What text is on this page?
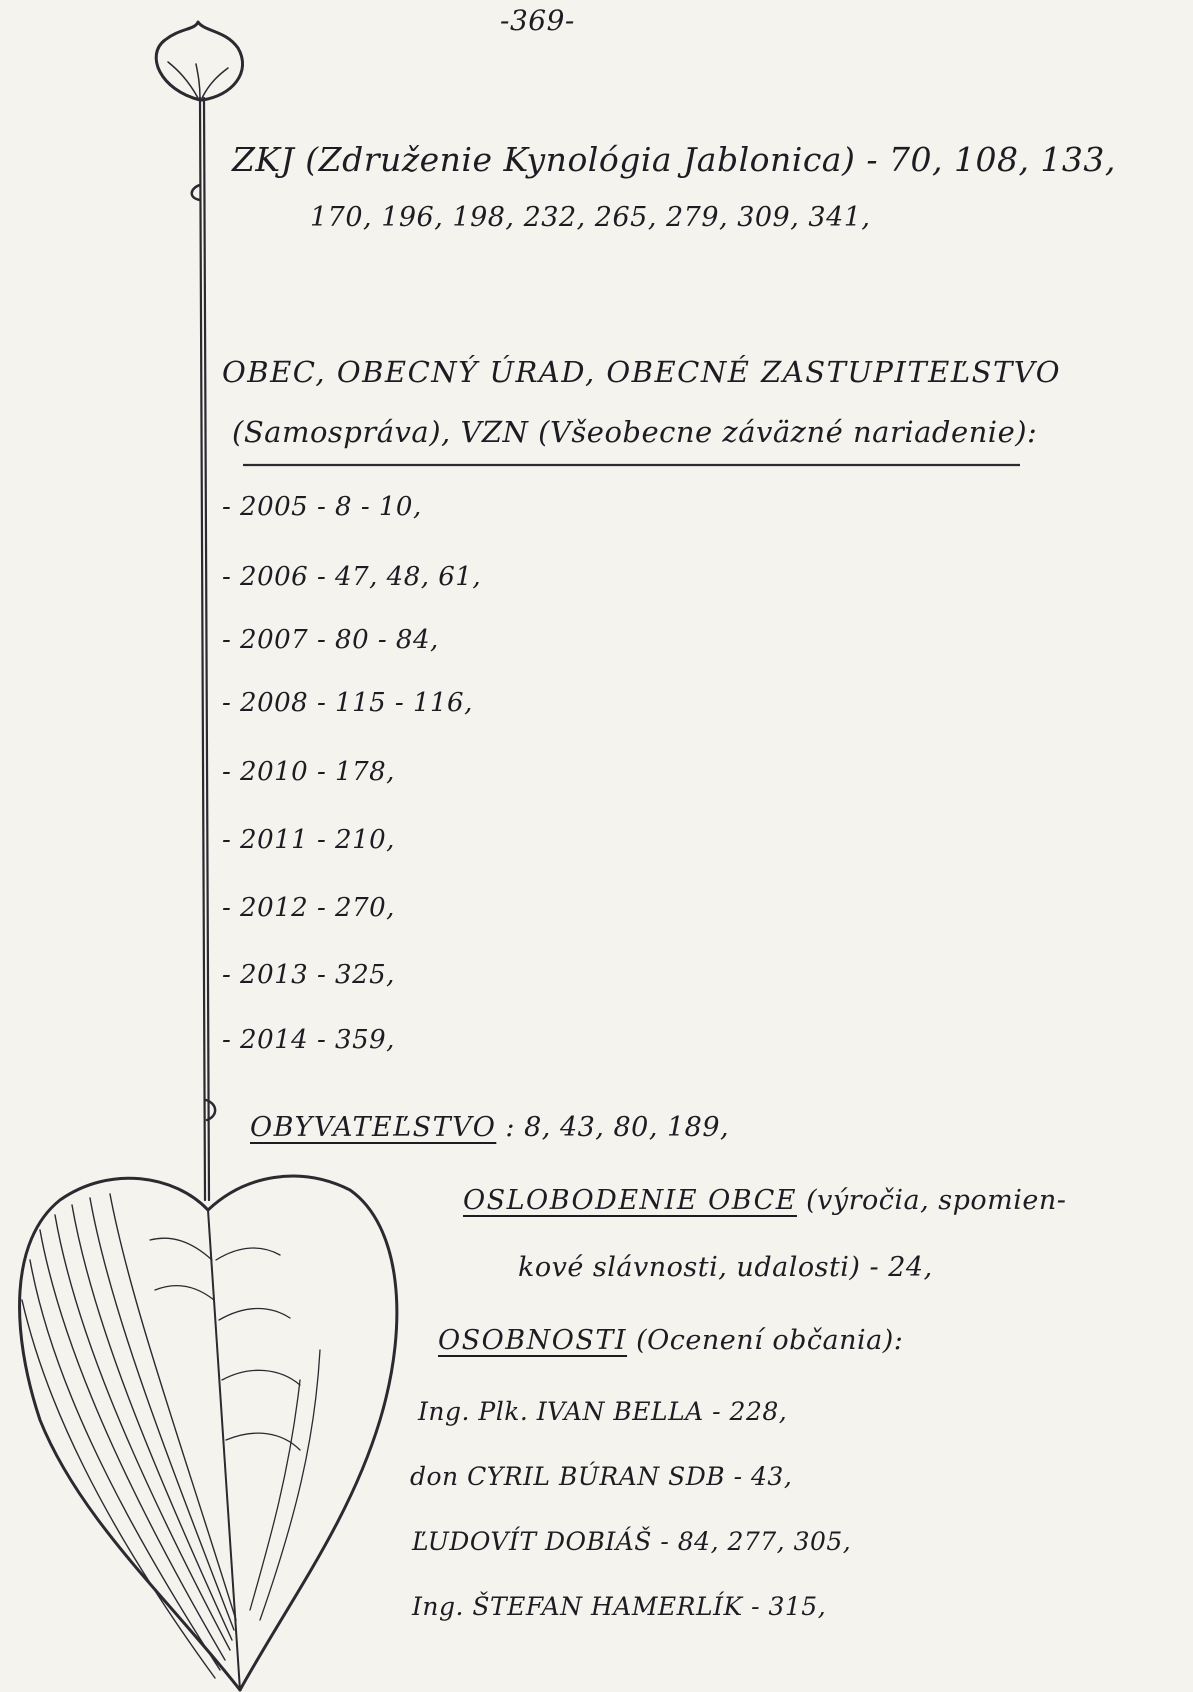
-369-
ZKJ (Združenie Kynológia Jablonica) - 70, 108, 133,
170, 196, 198, 232, 265, 279, 309, 341,
OBEC, OBECNÝ ÚRAD, OBECNÉ ZASTUPITEĽSTVO
(Samospráva), VZN (Všeobecne záväzné nariadenie):
- 2005 - 8 - 10,
- 2006 - 47, 48, 61,
- 2007 - 80 - 84,
- 2008 - 115 - 116,
- 2010 - 178,
- 2011 - 210,
- 2012 - 270,
- 2013 - 325,
- 2014 - 359,
OBYVATEĽSTVO : 8, 43, 80, 189,
OSLOBODENIE OBCE (výročia, spomien-
kové slávnosti, udalosti) - 24,
OSOBNOSTI (Ocenení občania):
Ing. Plk. IVAN BELLA - 228,
don CYRIL BÚRAN SDB - 43,
ĽUDOVÍT DOBIÁŠ - 84, 277, 305,
Ing. ŠTEFAN HAMERLÍK - 315,
